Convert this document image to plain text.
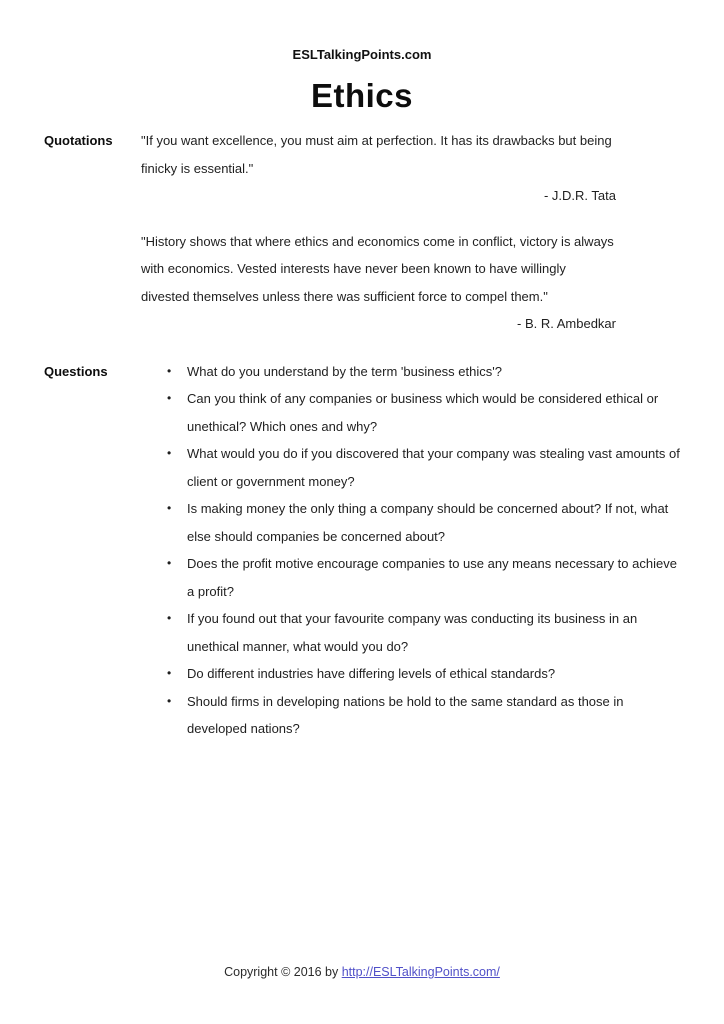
ESLTalkingPoints.com
Ethics
Quotations	"If you want excellence, you must aim at perfection. It has its drawbacks but being finicky is essential."

- J.D.R. Tata

"History shows that where ethics and economics come in conflict, victory is always with economics. Vested interests have never been known to have willingly divested themselves unless there was sufficient force to compel them."

- B. R. Ambedkar
Questions	• What do you understand by the term 'business ethics'?
• Can you think of any companies or business which would be considered ethical or unethical? Which ones and why?
• What would you do if you discovered that your company was stealing vast amounts of client or government money?
• Is making money the only thing a company should be concerned about? If not, what else should companies be concerned about?
• Does the profit motive encourage companies to use any means necessary to achieve a profit?
• If you found out that your favourite company was conducting its business in an unethical manner, what would you do?
• Do different industries have differing levels of ethical standards?
• Should firms in developing nations be hold to the same standard as those in developed nations?
Copyright © 2016 by http://ESLTalkingPoints.com/
